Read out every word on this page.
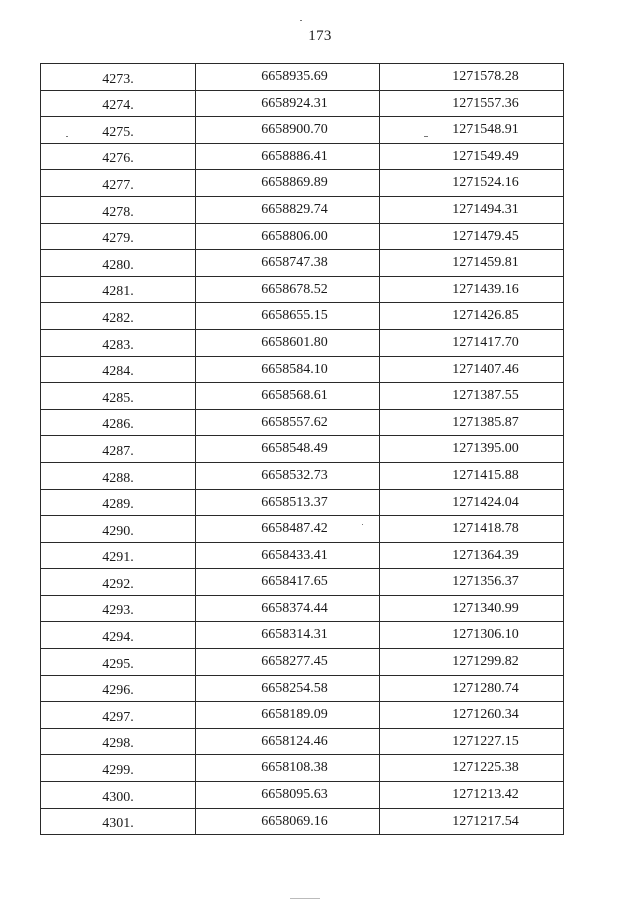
173
4273.	6658935.69	1271578.28
4274.	6658924.31	1271557.36
4275.	6658900.70	1271548.91
4276.	6658886.41	1271549.49
4277.	6658869.89	1271524.16
4278.	6658829.74	1271494.31
4279.	6658806.00	1271479.45
4280.	6658747.38	1271459.81
4281.	6658678.52	1271439.16
4282.	6658655.15	1271426.85
4283.	6658601.80	1271417.70
4284.	6658584.10	1271407.46
4285.	6658568.61	1271387.55
4286.	6658557.62	1271385.87
4287.	6658548.49	1271395.00
4288.	6658532.73	1271415.88
4289.	6658513.37	1271424.04
4290.	6658487.42	1271418.78
4291.	6658433.41	1271364.39
4292.	6658417.65	1271356.37
4293.	6658374.44	1271340.99
4294.	6658314.31	1271306.10
4295.	6658277.45	1271299.82
4296.	6658254.58	1271280.74
4297.	6658189.09	1271260.34
4298.	6658124.46	1271227.15
4299.	6658108.38	1271225.38
4300.	6658095.63	1271213.42
4301.	6658069.16	1271217.54
